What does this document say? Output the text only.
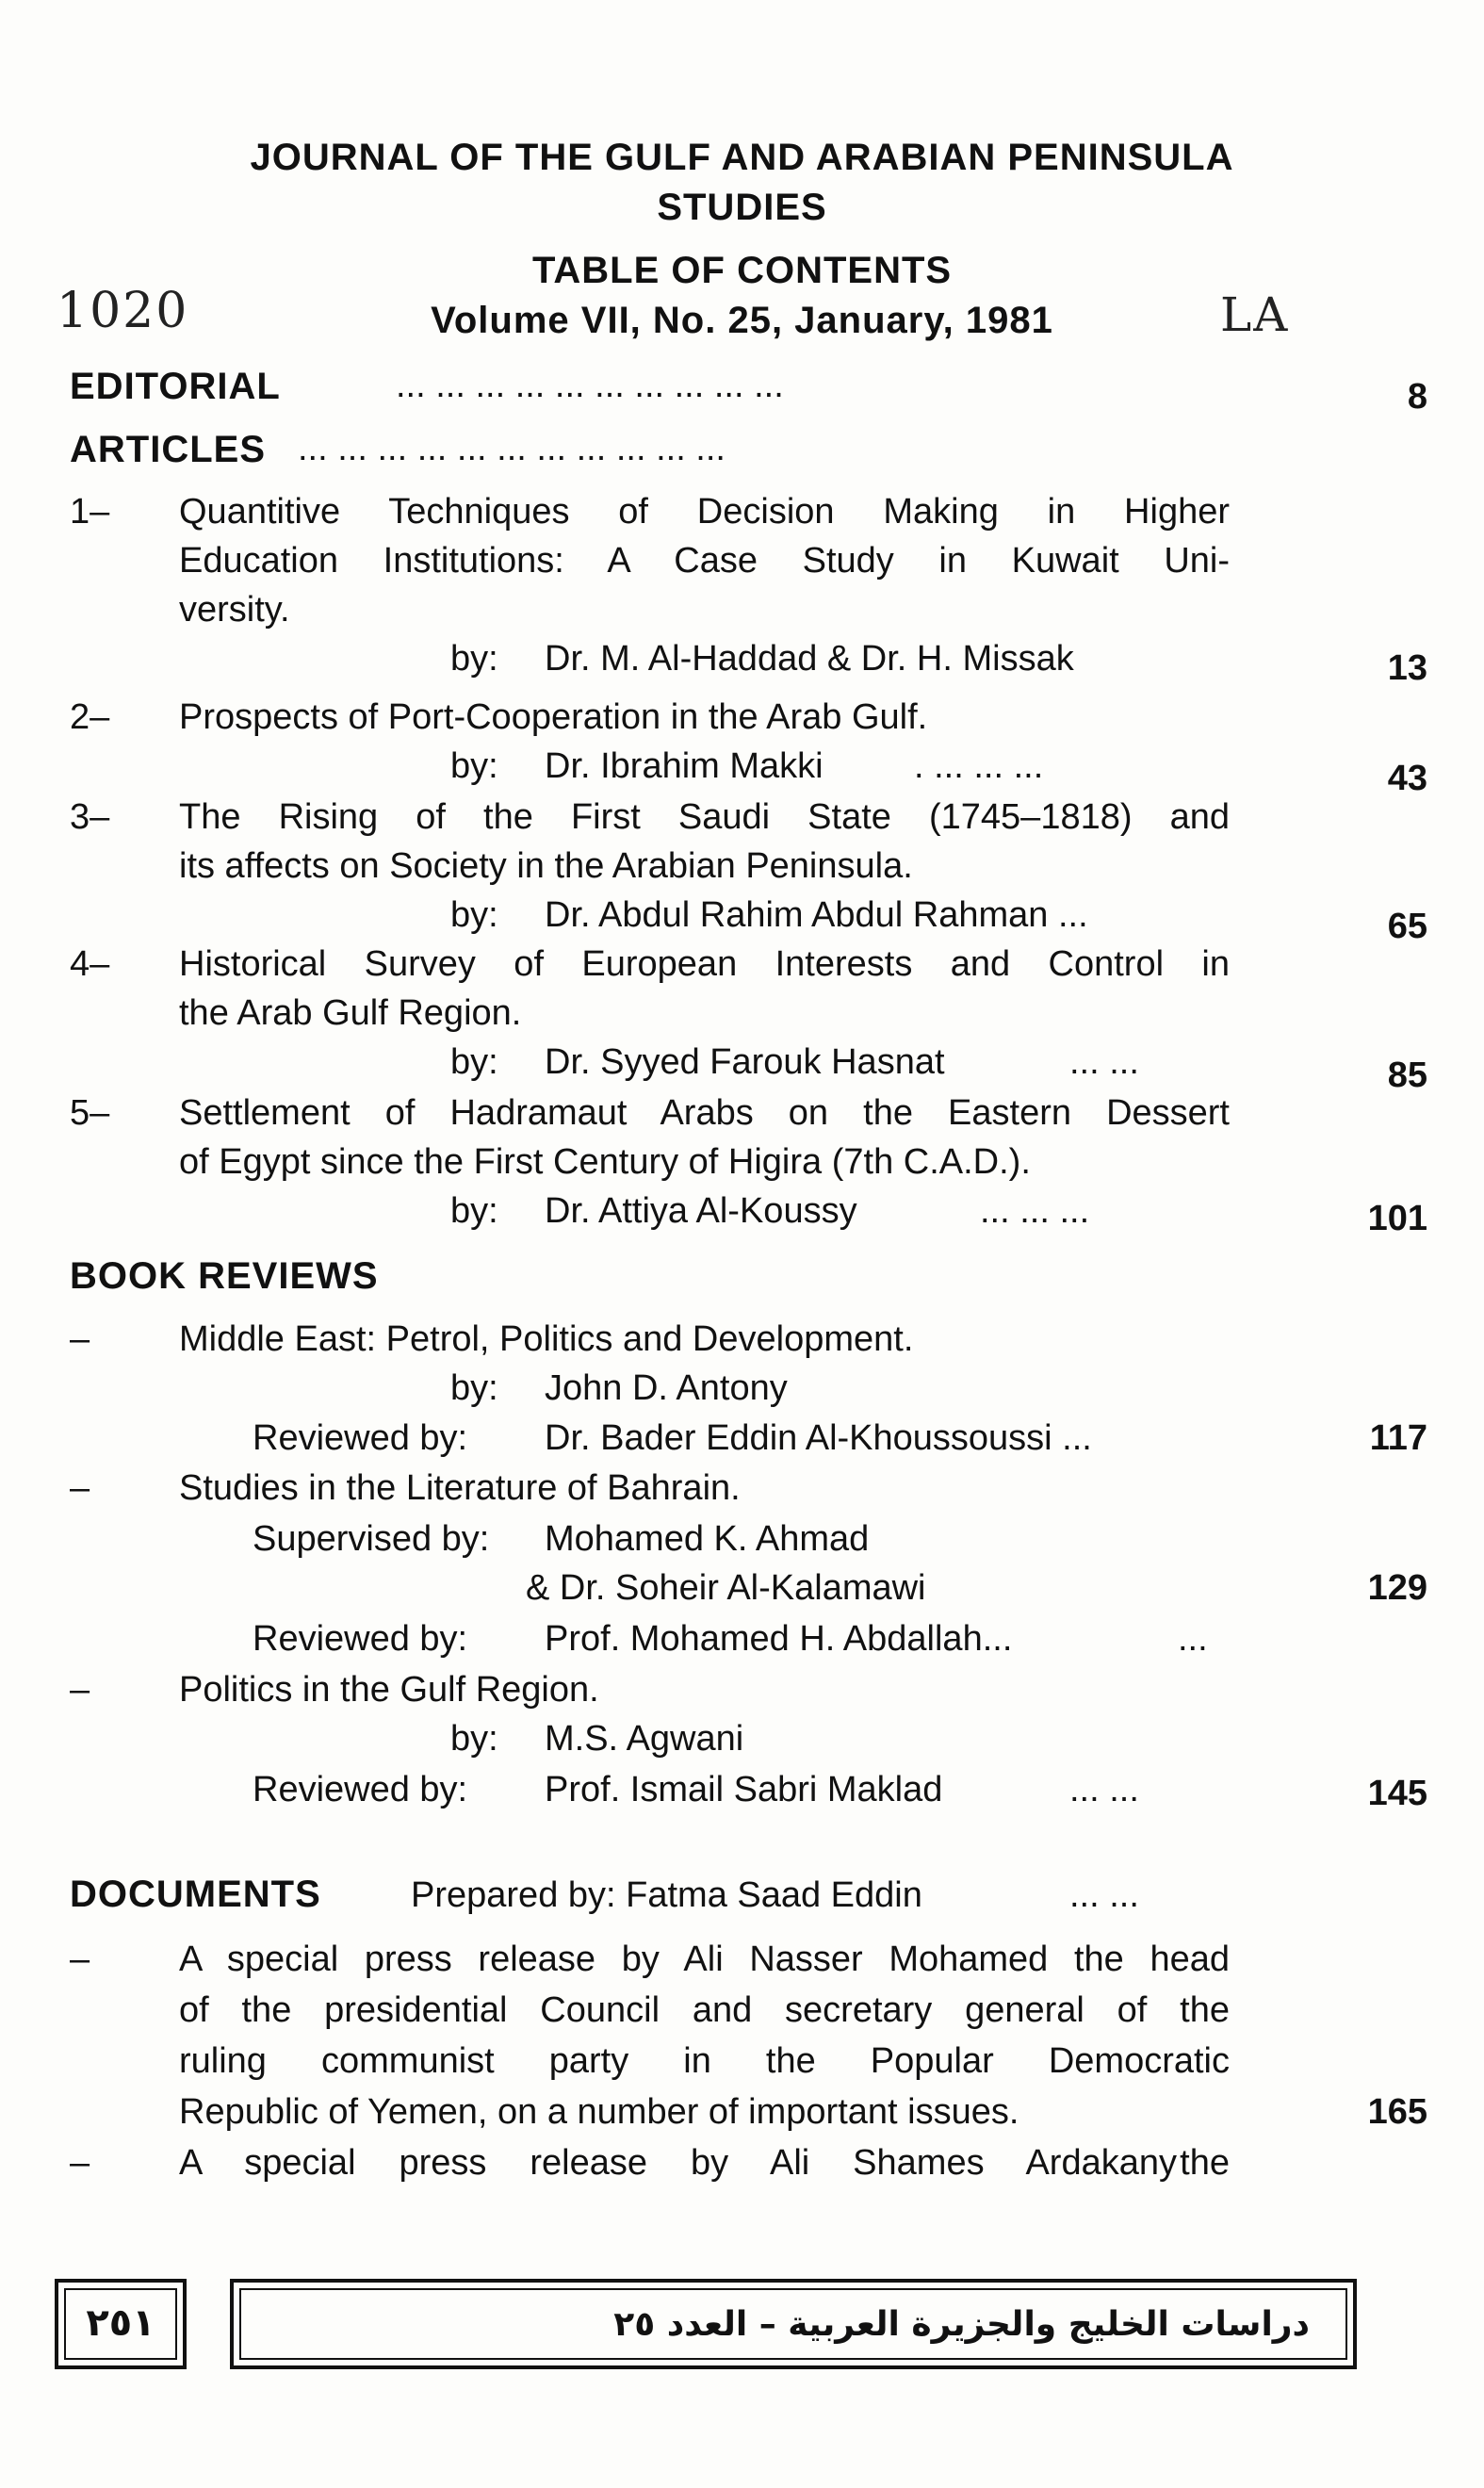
JOURNAL OF THE GULF AND ARABIAN PENINSULA
STUDIES
TABLE OF CONTENTS
Volume VII, No. 25, January, 1981
1020	LA
EDITORIAL	... ... ... ... ... ... ... ... ... ...	8
ARTICLES ... ... ... ... ... ... ... ... ... ... ...
1– Quantitive Techniques of Decision Making in Higher
Education Institutions: A Case Study in Kuwait Uni-
versity.
by: Dr. M. Al-Haddad & Dr. H. Missak	13
2– Prospects of Port-Cooperation in the Arab Gulf.
by: Dr. Ibrahim Makki	. ... ... ...	43
3– The Rising of the First Saudi State (1745–1818) and
its affects on Society in the Arabian Peninsula.
by: Dr. Abdul Rahim Abdul Rahman ...	65
4– Historical Survey of European Interests and Control in
the Arab Gulf Region.
by: Dr. Syyed Farouk Hasnat	... ...	85
5– Settlement of Hadramaut Arabs on the Eastern Dessert
of Egypt since the First Century of Higira (7th C.A.D.).
by: Dr. Attiya Al-Koussy	... ... ...	101
BOOK REVIEWS
– Middle East: Petrol, Politics and Development.
by: John D. Antony
Reviewed by: Dr. Bader Eddin Al-Khoussoussi ...	117
– Studies in the Literature of Bahrain.
Supervised by: Mohamed K. Ahmad
& Dr. Soheir Al-Kalamawi	129
Reviewed by: Prof. Mohamed H. Abdallah...	...
– Politics in the Gulf Region.
by: M.S. Agwani
Reviewed by: Prof. Ismail Sabri Maklad	... ...	145
DOCUMENTS	Prepared by: Fatma Saad Eddin	... ...
– A special press release by Ali Nasser Mohamed the head
of the presidential Council and secretary general of the
ruling communist party in the Popular Democratic
Republic of Yemen, on a number of important issues.	165
– A special press release by Ali Shames Ardakany the
٢٥١	دراسات الخليج والجزيرة العربية – العدد ٢٥
